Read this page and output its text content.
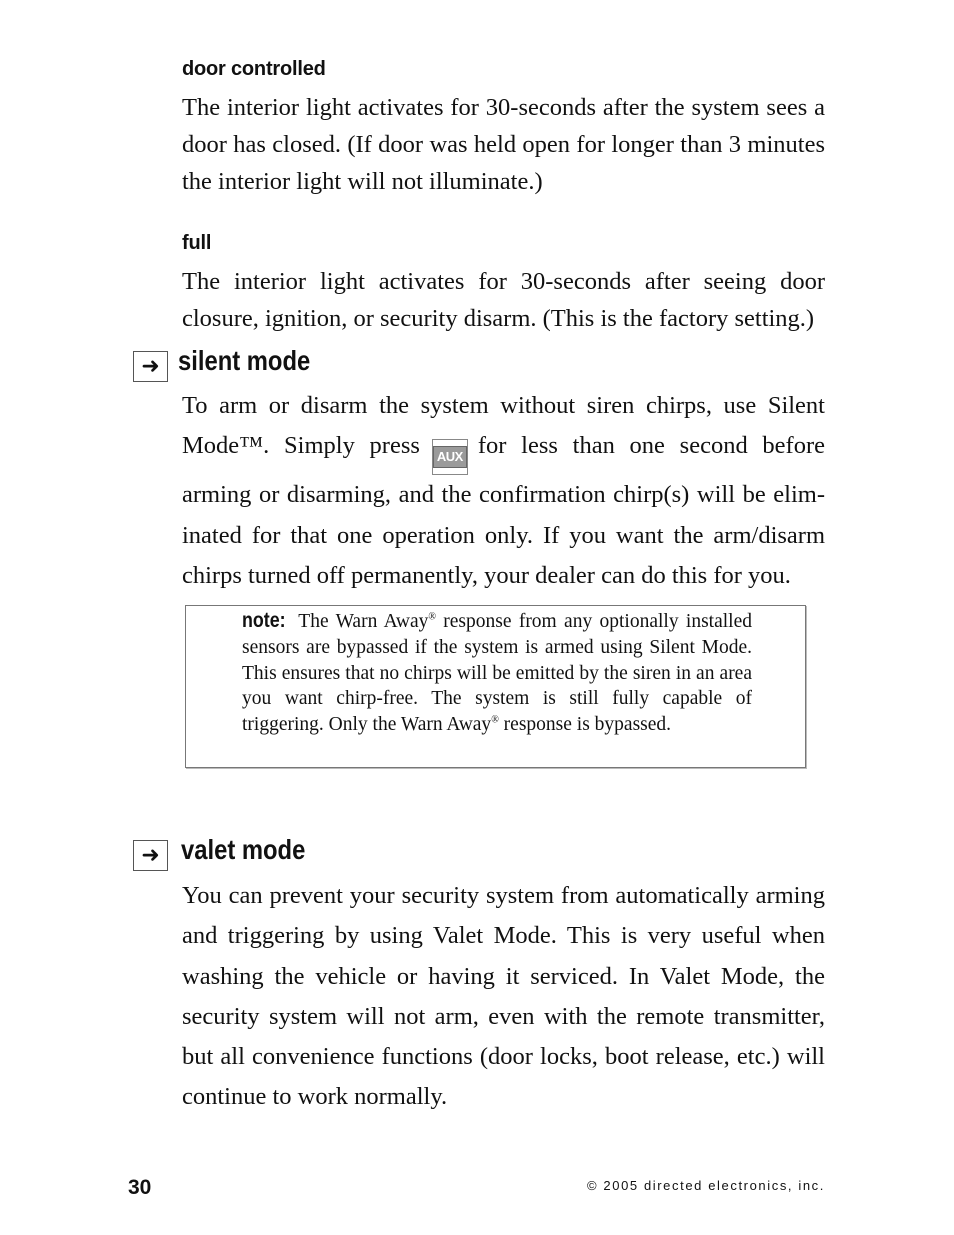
door controlled
The interior light activates for 30-seconds after the system sees a door has closed. (If door was held open for longer than 3 minutes the interior light will not illuminate.)
full
The interior light activates for 30-seconds after seeing door closure, ignition, or security disarm. (This is the factory setting.)
➜ silent mode
To arm or disarm the system without siren chirps, use Silent Mode™. Simply press	AUX for less than one second before arming or disarming, and the confirmation chirp(s) will be eliminated for that one operation only. If you want the arm/disarm chirps turned off permanently, your dealer can do this for you.
note: The Warn Away® response from any optionally installed sensors are bypassed if the system is armed using Silent Mode. This ensures that no chirps will be emitted by the siren in an area you want chirp-free. The system is still fully capable of triggering. Only the Warn Away® response is bypassed.
➜ valet mode
You can prevent your security system from automatically arming and triggering by using Valet Mode. This is very useful when washing the vehicle or having it serviced. In Valet Mode, the security system will not arm, even with the remote transmitter, but all convenience functions (door locks, boot release, etc.) will continue to work normally.
30	© 2005 directed electronics, inc.
